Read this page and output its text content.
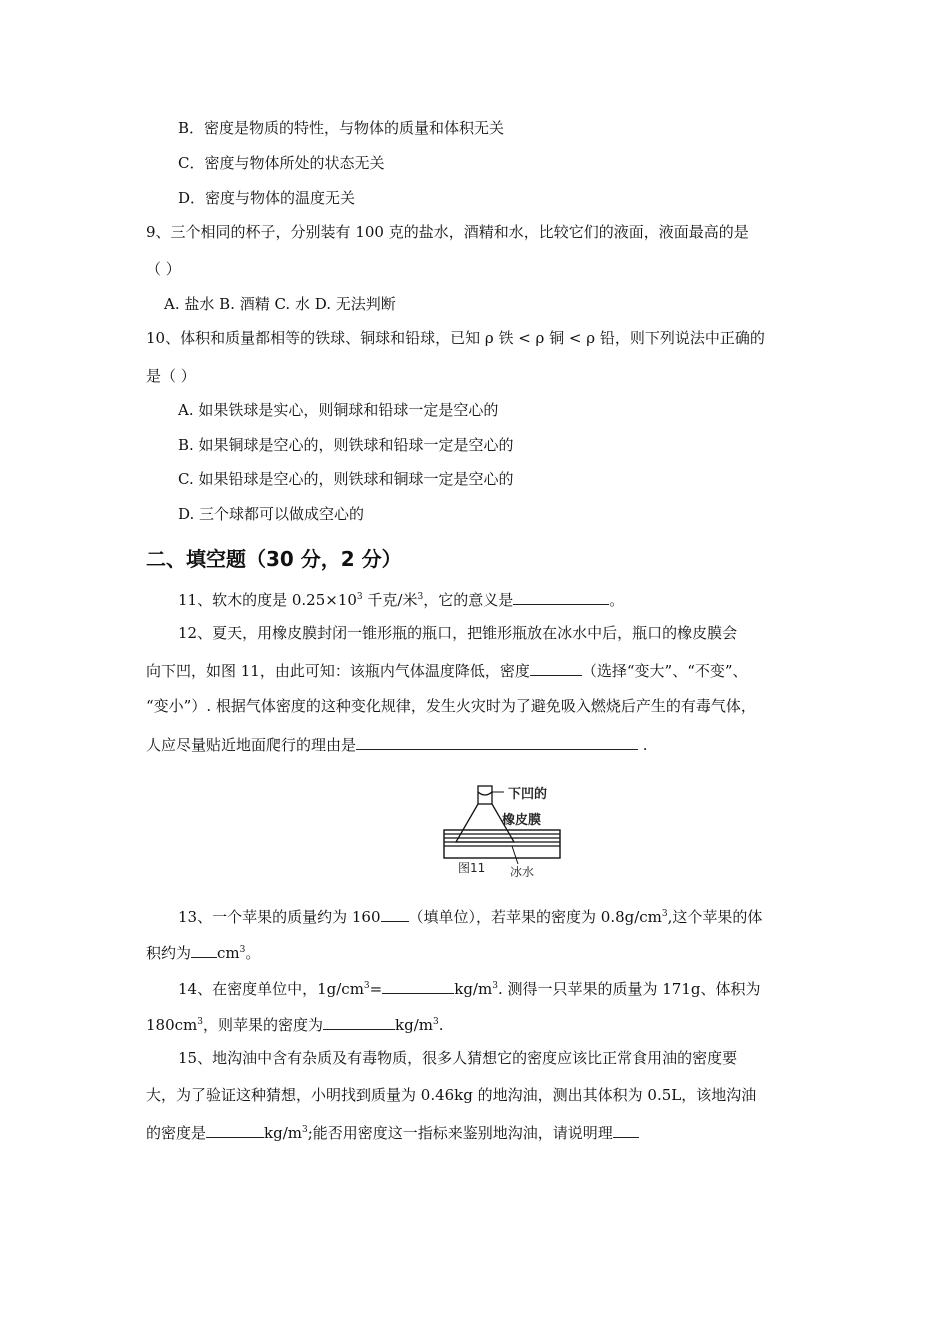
B．密度是物质的特性，与物体的质量和体积无关
C．密度与物体所处的状态无关
D．密度与物体的温度无关
9、三个相同的杯子，分别装有 100 克的盐水，酒精和水，比较它们的液面，液面最高的是
（ ）
A. 盐水 B. 酒精 C. 水 D. 无法判断
10、体积和质量都相等的铁球、铜球和铅球，已知 ρ 铁 < ρ 铜 < ρ 铅，则下列说法中正确的
是（ ）
A. 如果铁球是实心，则铜球和铅球一定是空心的
B. 如果铜球是空心的，则铁球和铅球一定是空心的
C. 如果铅球是空心的，则铁球和铜球一定是空心的
D. 三个球都可以做成空心的
二、填空题（30 分，2 分）
11、软木的度是 $0.25\times 10^3$ 千克/米$^3$，它的意义是	。
12、夏天，用橡皮膜封闭一锥形瓶的瓶口，把锥形瓶放在冰水中后，瓶口的橡皮膜会
向下凹，如图 11，由此可知：该瓶内气体温度降低，密度	（选择“变大”、“不变”、
“变小”）. 根据气体密度的这种变化规律，发生火灾时为了避免吸入燃烧后产生的有毒气体，
人应尽量贴近地面爬行的理由是	.
下凹的
橡皮膜
图11 冰水
13、一个苹果的质量约为 160 （填单位），若苹果的密度为 $0.8g/cm^3$,这个苹果的体
积约为 $cm^3$。
14、在密度单位中，$1g/cm^3=$	$kg/m^3$. 测得一只苹果的质量为 171g、体积为
$180cm^3$，则苹果的密度为	$kg/m^3$.
15、地沟油中含有杂质及有毒物质，很多人猜想它的密度应该比正常食用油的密度要
大，为了验证这种猜想，小明找到质量为 0.46kg 的地沟油，测出其体积为 0.5L，该地沟油
的密度是	$kg/m^3$;能否用密度这一指标来鉴别地沟油，请说明理
